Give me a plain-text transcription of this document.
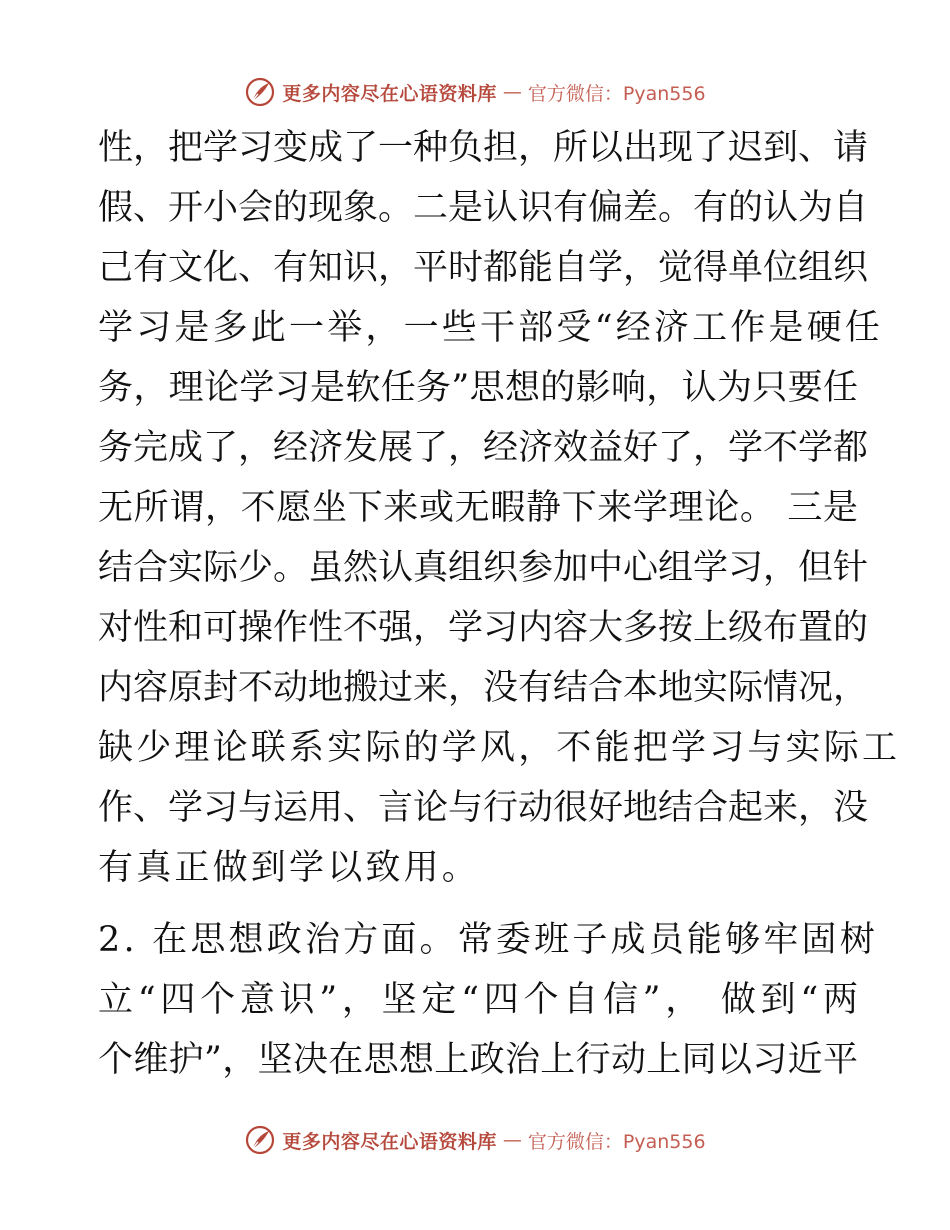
更多内容尽在心语资料库 — 官方微信：Pyan556
性，把学习变成了一种负担，所以出现了迟到、请
假、开小会的现象。二是认识有偏差。有的认为自
己有文化、有知识，平时都能自学，觉得单位组织
学习是多此一举，一些干部受“经济工作是硬任
务，理论学习是软任务”思想的影响，认为只要任
务完成了，经济发展了，经济效益好了，学不学都
无所谓，不愿坐下来或无暇静下来学理论。 三是
结合实际少。虽然认真组织参加中心组学习，但针
对性和可操作性不强，学习内容大多按上级布置的
内容原封不动地搬过来，没有结合本地实际情况，
缺少理论联系实际的学风，不能把学习与实际工
作、学习与运用、言论与行动很好地结合起来，没
有真正做到学以致用。
2. 在思想政治方面。常委班子成员能够牢固树
立“四个意识”，坚定“四个自信”， 做到“两
个维护”，坚决在思想上政治上行动上同以习近平
更多内容尽在心语资料库 — 官方微信：Pyan556
